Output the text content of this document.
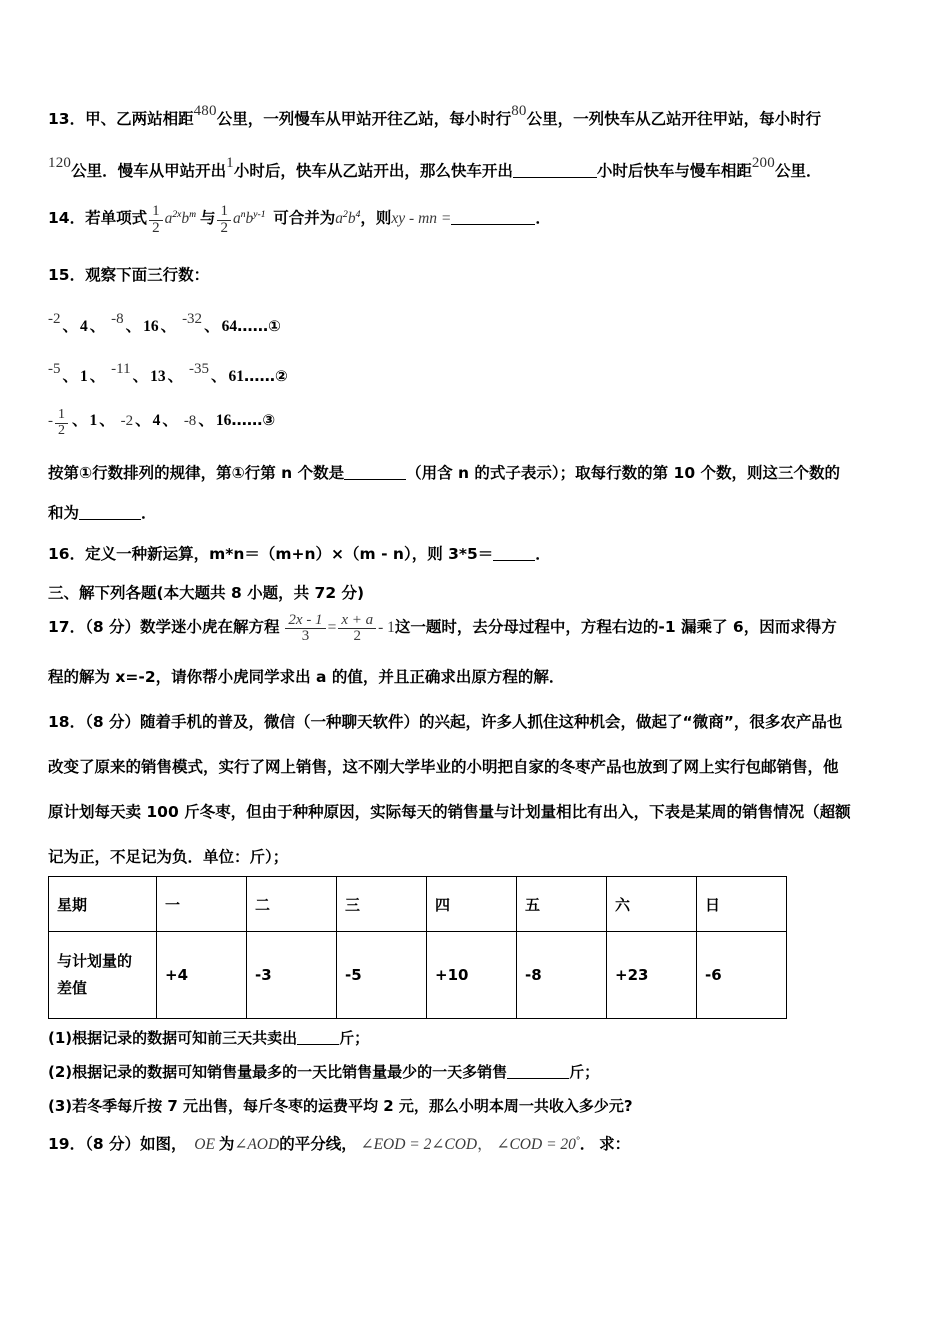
13．甲、乙两站相距480公里，一列慢车从甲站开往乙站，每小时行80公里，一列快车从乙站开往甲站，每小时行

120公里．慢车从甲站开出1小时后，快车从乙站开出，那么快车开出	小时后快车与慢车相距200公里．

14．若单项式 $\frac{1}{2} a^{2x}b^m$ 与 $\frac{1}{2} a^nb^{y-1}$ 可合并为$a^2b^4$，则xy - mn =	．

15．观察下面三行数：

-2 、 4 、 -8 、 16 、 -32 、 64……①
-5 、 1 、 -11 、 13 、 -35 、 61……②
- $\frac{1}{2}$ 、 1 、 -2 、 4 、 -8 、 16……③

按第①行数排列的规律，第①行第 n 个数是	（用含 n 的式子表示）；取每行数的第 10 个数，则这三个数的

和为	．

16．定义一种新运算，m*n＝（m+n）×（m - n），则 3*5＝	．

三、解下列各题(本大题共 8 小题，共 72 分)

17．（8 分）数学迷小虎在解方程 $\frac{2x - 1}{3} = \frac{x + a}{2} - 1$这一题时，去分母过程中，方程右边的-1 漏乘了 6，因而求得方

程的解为 x=-2，请你帮小虎同学求出 a 的值，并且正确求出原方程的解．

18．（8 分）随着手机的普及，微信（一种聊天软件）的兴起，许多人抓住这种机会，做起了“微商”，很多农产品也

改变了原来的销售模式，实行了网上销售，这不刚大学毕业的小明把自家的冬枣产品也放到了网上实行包邮销售，他

原计划每天卖 100 斤冬枣，但由于种种原因，实际每天的销售量与计划量相比有出入，下表是某周的销售情况（超额

记为正，不足记为负．单位：斤）；

星期	一	二	三	四	五	六	日
与计划量的
差值	+4	-3	-5	+10	-8	+23	-6
(1)根据记录的数据可知前三天共卖出	斤；
(2)根据记录的数据可知销售量最多的一天比销售量最少的一天多销售	斤；
(3)若冬季每斤按 7 元出售，每斤冬枣的运费平均 2 元，那么小明本周一共收入多少元?

19．（8 分）如图， OE 为∠AOD的平分线， ∠EOD = 2∠COD， ∠COD = 20°． 求：
